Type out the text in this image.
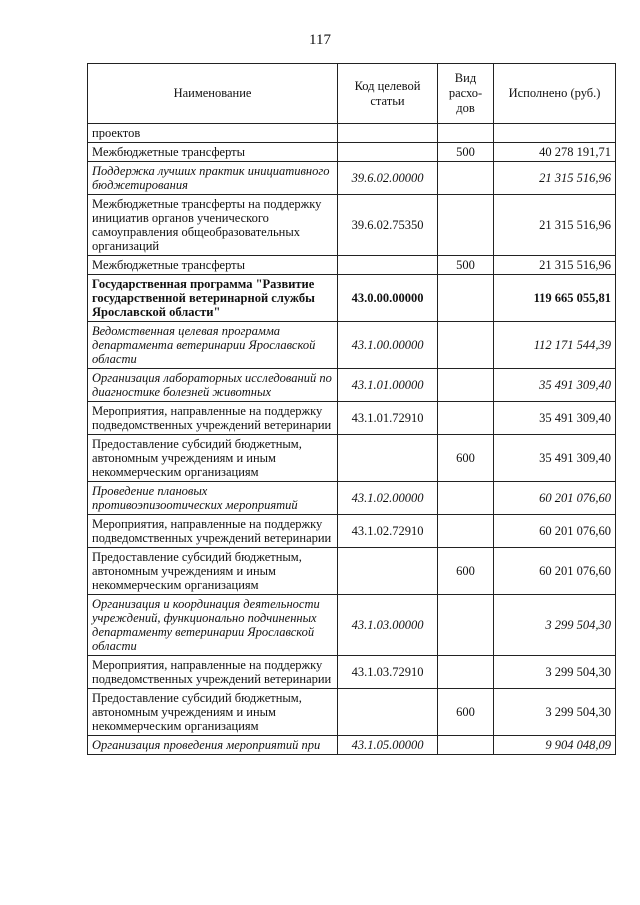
117
Наименование	Код целевой статьи	Вид расхо- дов	Исполнено (руб.)
проектов			
Межбюджетные трансферты		500	40 278 191,71
Поддержка лучших практик инициативного бюджетирования	39.6.02.00000		21 315 516,96
Межбюджетные трансферты на поддержку инициатив органов ученического самоуправления общеобразовательных организаций	39.6.02.75350		21 315 516,96
Межбюджетные трансферты		500	21 315 516,96
Государственная программа "Развитие государственной ветеринарной службы Ярославской области"	43.0.00.00000		119 665 055,81
Ведомственная целевая программа департамента ветеринарии Ярославской области	43.1.00.00000		112 171 544,39
Организация лабораторных исследований по диагностике болезней животных	43.1.01.00000		35 491 309,40
Мероприятия, направленные на поддержку подведомственных учреждений ветеринарии	43.1.01.72910		35 491 309,40
Предоставление субсидий бюджетным, автономным учреждениям и иным некоммерческим организациям		600	35 491 309,40
Проведение плановых противоэпизоотических мероприятий	43.1.02.00000		60 201 076,60
Мероприятия, направленные на поддержку подведомственных учреждений ветеринарии	43.1.02.72910		60 201 076,60
Предоставление субсидий бюджетным, автономным учреждениям и иным некоммерческим организациям		600	60 201 076,60
Организация и координация деятельности учреждений, функционально подчиненных департаменту ветеринарии Ярославской области	43.1.03.00000		3 299 504,30
Мероприятия, направленные на поддержку подведомственных учреждений ветеринарии	43.1.03.72910		3 299 504,30
Предоставление субсидий бюджетным, автономным учреждениям и иным некоммерческим организациям		600	3 299 504,30
Организация проведения мероприятий при	43.1.05.00000		9 904 048,09
